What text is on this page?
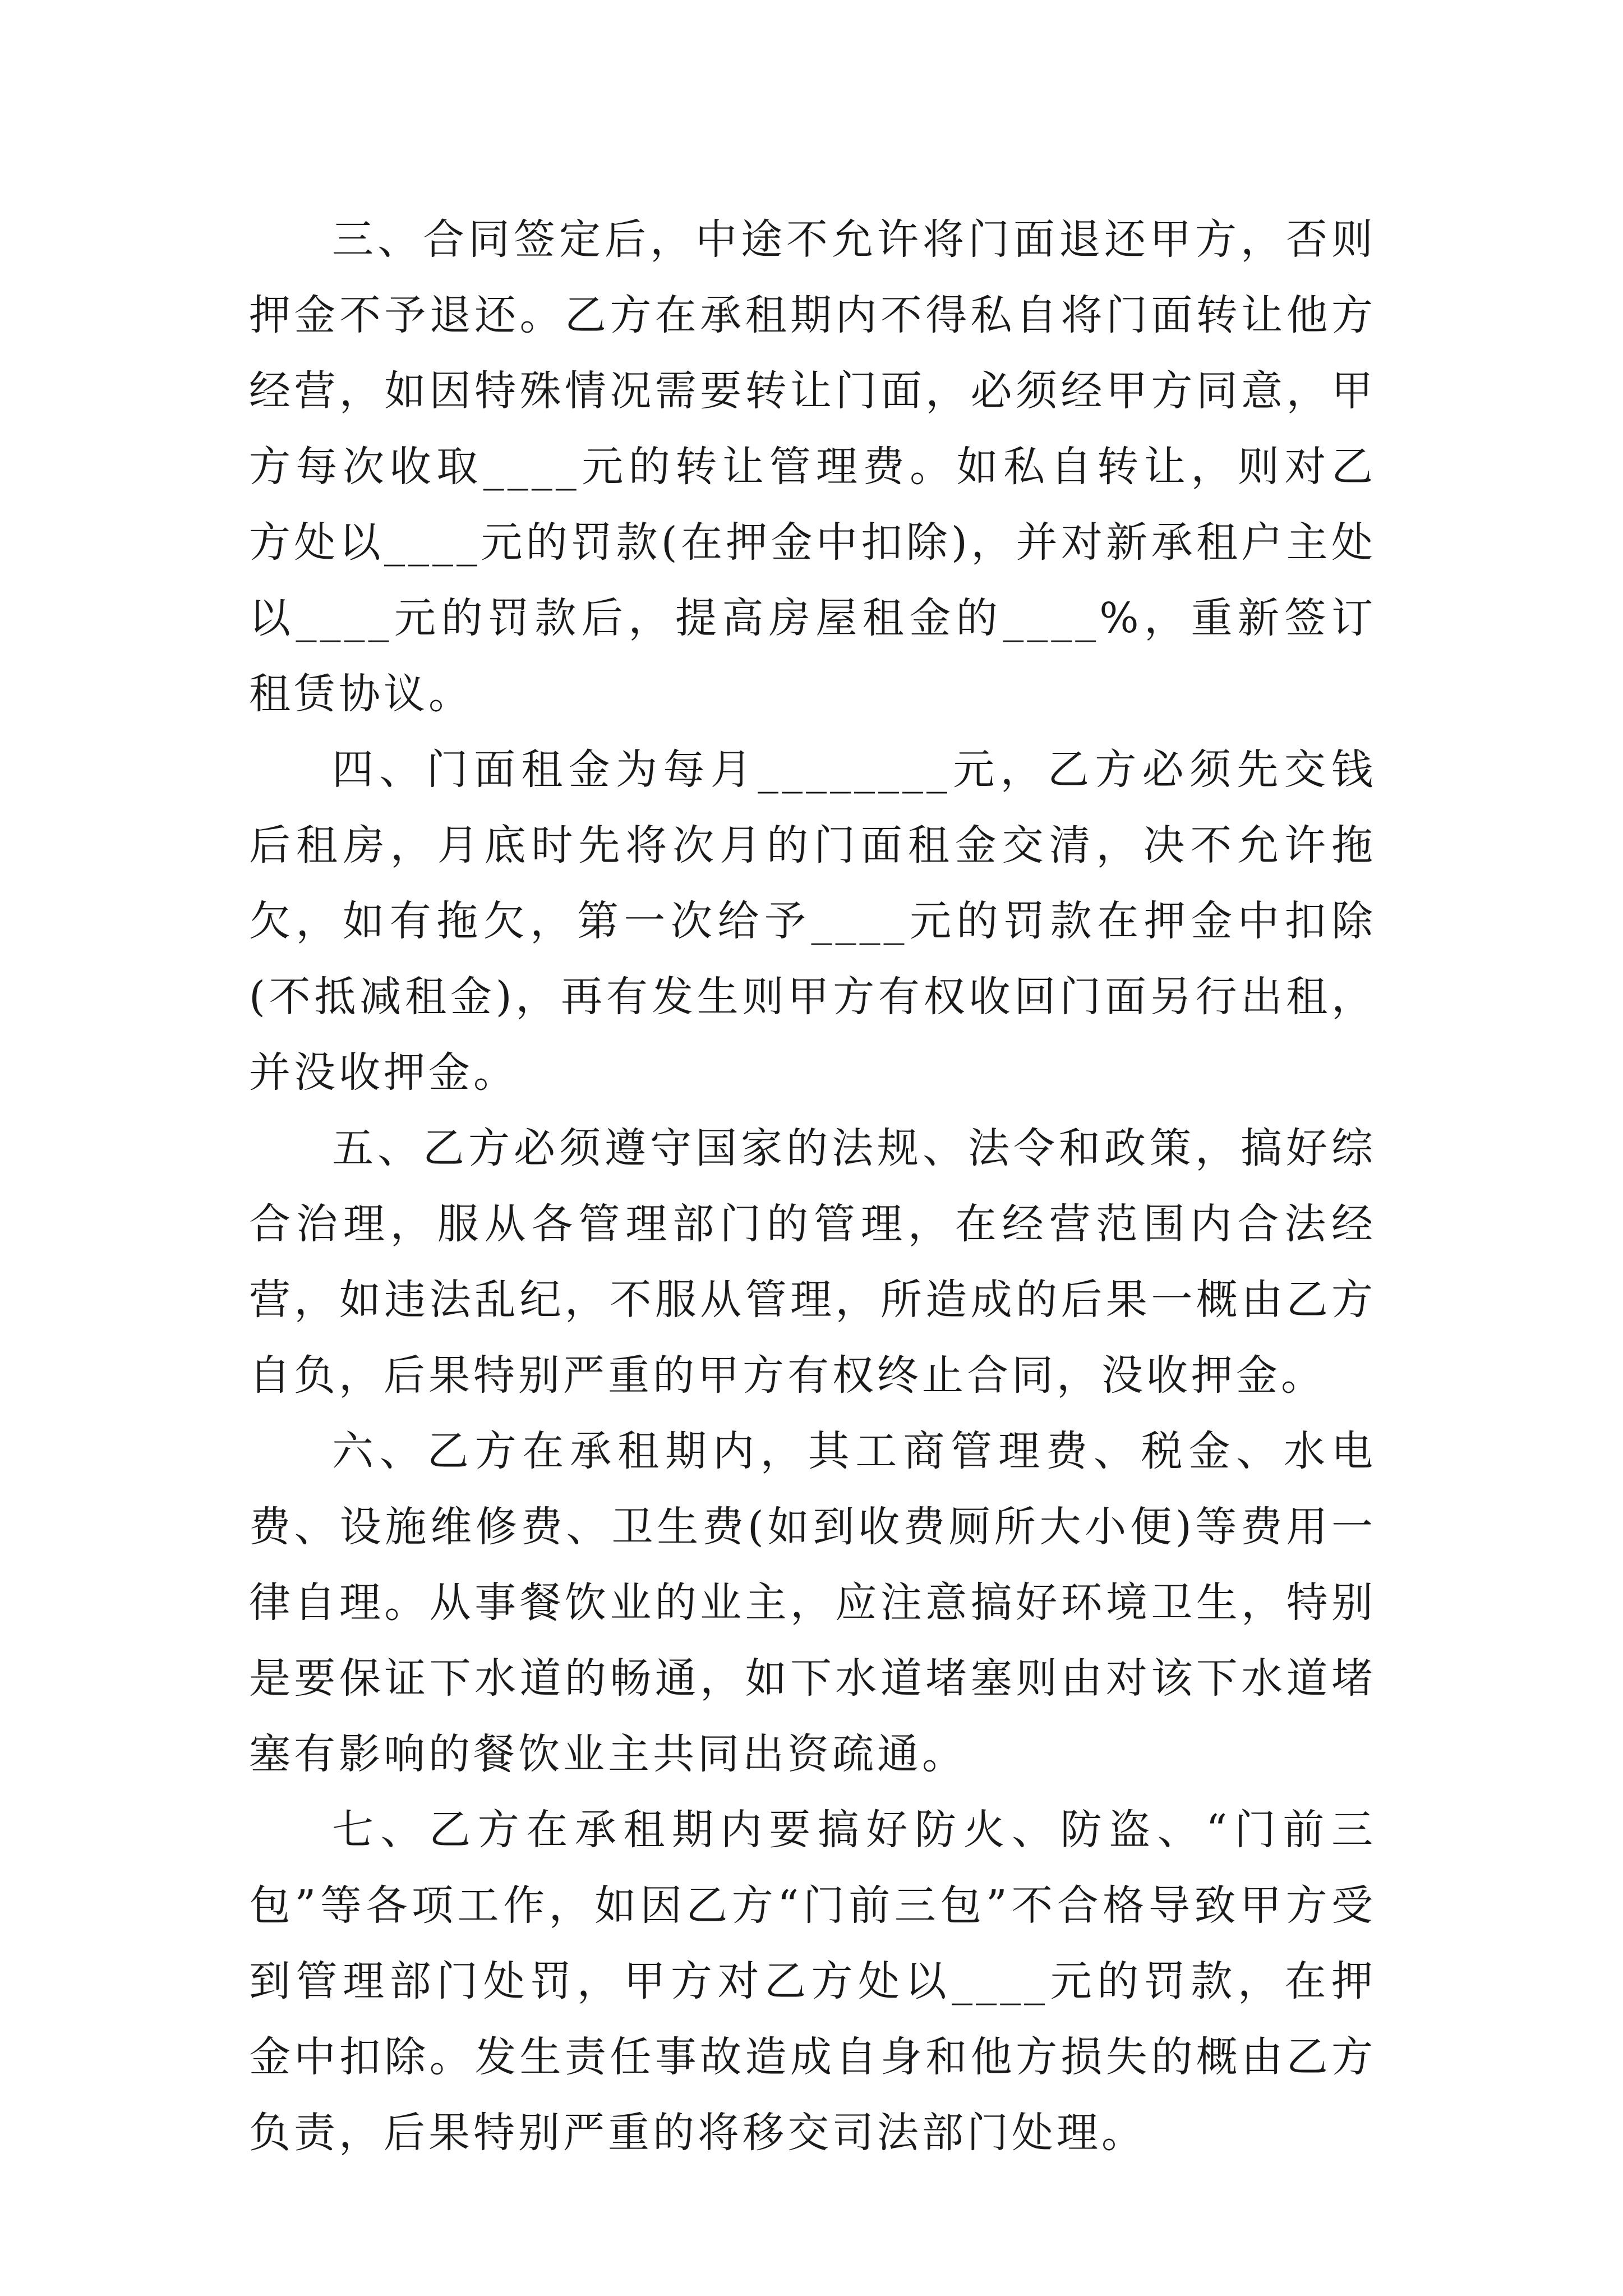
三、合同签定后，中途不允许将门面退还甲方，否则押金不予退还。乙方在承租期内不得私自将门面转让他方经营，如因特殊情况需要转让门面，必须经甲方同意，甲方每次收取____元的转让管理费。如私自转让，则对乙方处以____元的罚款(在押金中扣除)，并对新承租户主处以____元的罚款后，提高房屋租金的____%，重新签订租赁协议。

四、门面租金为每月________元，乙方必须先交钱后租房，月底时先将次月的门面租金交清，决不允许拖欠，如有拖欠，第一次给予____元的罚款在押金中扣除(不抵减租金)，再有发生则甲方有权收回门面另行出租，并没收押金。

五、乙方必须遵守国家的法规、法令和政策，搞好综合治理，服从各管理部门的管理，在经营范围内合法经营，如违法乱纪，不服从管理，所造成的后果一概由乙方自负，后果特别严重的甲方有权终止合同，没收押金。

六、乙方在承租期内，其工商管理费、税金、水电费、设施维修费、卫生费(如到收费厕所大小便)等费用一律自理。从事餐饮业的业主，应注意搞好环境卫生，特别是要保证下水道的畅通，如下水道堵塞则由对该下水道堵塞有影响的餐饮业主共同出资疏通。

七、乙方在承租期内要搞好防火、防盗、“门前三包”等各项工作，如因乙方“门前三包”不合格导致甲方受到管理部门处罚，甲方对乙方处以____元的罚款，在押金中扣除。发生责任事故造成自身和他方损失的概由乙方负责，后果特别严重的将移交司法部门处理。
